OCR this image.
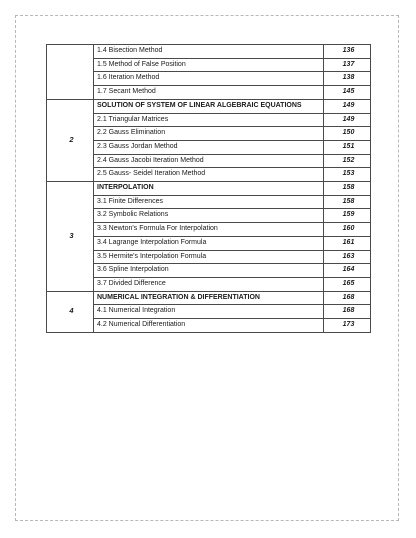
	1.4 Bisection Method	136
	1.5 Method of False Position	137
	1.6 Iteration Method	138
	1.7 Secant Method	145
2	SOLUTION OF SYSTEM OF LINEAR ALGEBRAIC EQUATIONS	149
	2.1 Triangular Matrices	149
	2.2 Gauss Elimination	150
	2.3 Gauss Jordan Method	151
	2.4 Gauss Jacobi Iteration Method	152
	2.5 Gauss- Seidel Iteration Method	153
3	INTERPOLATION	158
	3.1 Finite Differences	158
	3.2 Symbolic Relations	159
	3.3 Newton's Formula For Interpolation	160
	3.4 Lagrange Interpolation Formula	161
	3.5 Hermite's Interpolation Formula	163
	3.6 Spline Interpolation	164
	3.7 Divided Difference	165
4	NUMERICAL INTEGRATION & DIFFERENTIATION	168
	4.1 Numerical Integration	168
	4.2 Numerical Differentiation	173
